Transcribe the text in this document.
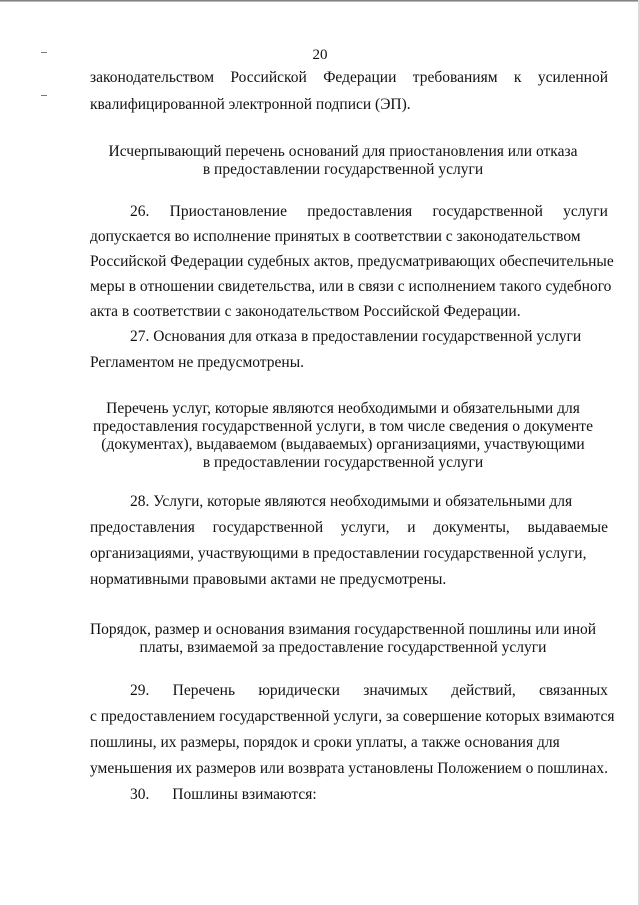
20
законодательством Российской Федерации требованиям к усиленной
квалифицированной электронной подписи (ЭП).
Исчерпывающий перечень оснований для приостановления или отказа
в предоставлении государственной услуги
26. Приостановление предоставления государственной услуги
допускается во исполнение принятых в соответствии с законодательством
Российской Федерации судебных актов, предусматривающих обеспечительные
меры в отношении свидетельства, или в связи с исполнением такого судебного
акта в соответствии с законодательством Российской Федерации.
27. Основания для отказа в предоставлении государственной услуги
Регламентом не предусмотрены.
Перечень услуг, которые являются необходимыми и обязательными для
предоставления государственной услуги, в том числе сведения о документе
(документах), выдаваемом (выдаваемых) организациями, участвующими
в предоставлении государственной услуги
28. Услуги, которые являются необходимыми и обязательными для
предоставления государственной услуги, и документы, выдаваемые
организациями, участвующими в предоставлении государственной услуги,
нормативными правовыми актами не предусмотрены.
Порядок, размер и основания взимания государственной пошлины или иной
платы, взимаемой за предоставление государственной услуги
29. Перечень юридически значимых действий, связанных
с предоставлением государственной услуги, за совершение которых взимаются
пошлины, их размеры, порядок и сроки уплаты, а также основания для
уменьшения их размеров или возврата установлены Положением о пошлинах.
30. Пошлины взимаются:
